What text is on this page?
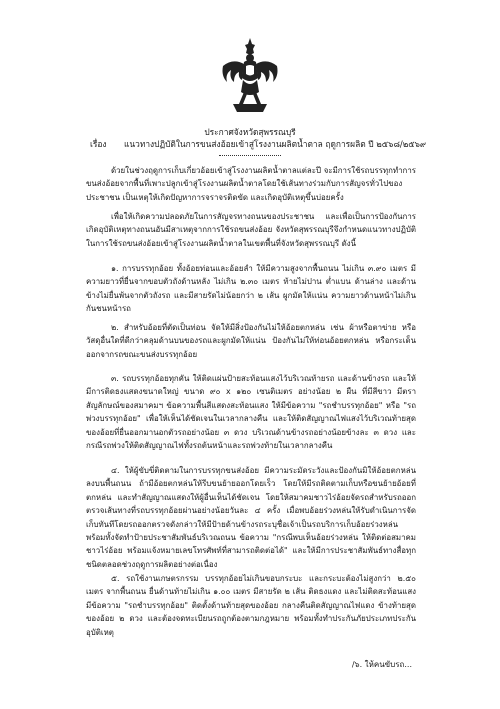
ประกาศจังหวัดสุพรรณบุรี
เรื่อง แนวทางปฏิบัติในการขนส่งอ้อยเข้าสู่โรงงานผลิตน้ำตาล ฤดูการผลิต ปี ๒๕๖๘/๒๕๖๙
ด้วยในช่วงฤดูการเก็บเกี่ยวอ้อยเข้าสู่โรงงานผลิตน้ำตาลแต่ละปี จะมีการใช้รถบรรทุกทำการขนส่งอ้อยจากพื้นที่เพาะปลูกเข้าสู่โรงงานผลิตน้ำตาลโดยใช้เส้นทางร่วมกับการสัญจรทั่วไปของประชาชน เป็นเหตุให้เกิดปัญหาการจราจรติดขัด และเกิดอุบัติเหตุขึ้นบ่อยครั้ง
เพื่อให้เกิดความปลอดภัยในการสัญจรทางถนนของประชาชน และเพื่อเป็นการป้องกันการเกิดอุบัติเหตุทางถนนอันมีสาเหตุจากการใช้รถขนส่งอ้อย จังหวัดสุพรรณบุรีจึงกำหนดแนวทางปฏิบัติในการใช้รถขนส่งอ้อยเข้าสู่โรงงานผลิตน้ำตาลในเขตพื้นที่จังหวัดสุพรรณบุรี ดังนี้
๑. การบรรทุกอ้อย ทั้งอ้อยท่อนและอ้อยลำ ให้มีความสูงจากพื้นถนน ไม่เกิน ๓.๙๐ เมตร มีความยาวที่ยื่นจากขอบตัวถังด้านหลัง ไม่เกิน ๒.๓๐ เมตร ท้ายไม่ปาน ต่ำแบน ด้านล่าง และด้านข้างไม่ยื่นพ้นจากตัวถังรถ และมีสายรัดไม่น้อยกว่า ๒ เส้น ผูกมัดให้แน่น ความยาวด้านหน้าไม่เกินกันชนหน้ารถ
๒. สำหรับอ้อยที่ตัดเป็นท่อน จัดให้มีสิ่งป้องกันไม่ให้อ้อยตกหล่น เช่น ผ้าหรือตาข่าย หรือวัสดุอื่นใดที่ดีกว่าคลุมด้านบนของรถและผูกมัดให้แน่น ป้องกันไม่ให้ท่อนอ้อยตกหล่น หรือกระเด็นออกจากรถขณะขนส่งบรรทุกอ้อย
๓. รถบรรทุกอ้อยทุกคัน ให้ติดแผ่นป้ายสะท้อนแสงไว้บริเวณท้ายรถ และด้านข้างรถ และให้มีการติดธงแสดงขนาดใหญ่ ขนาด ๙๐ x ๑๒๐ เซนติเมตร อย่างน้อย ๒ ผืน ที่มีสีขาว มีตราสัญลักษณ์ของสมาคมฯ ข้อความพื้นสีแสดงสะท้อนแสง ให้มีข้อความ "รถชำบรรทุกอ้อย" หรือ "รถพ่วงบรรทุกอ้อย" เพื่อให้เห็นได้ชัดเจนในเวลากลางคืน และให้ติดสัญญาณไฟแสงไว้บริเวณท้ายสุดของอ้อยที่ยื่นออกมานอกตัวรถอย่างน้อย ๓ ดวง บริเวณด้านข้างรถอย่างน้อยข้างละ ๓ ดวง และกรณีรถพ่วงให้ติดสัญญาณไฟทั้งรถต้นหน้าและรถพ่วงท้ายในเวลากลางคืน
๔. ให้ผู้ขับขี่ติดตามในการบรรทุกขนส่งอ้อย มีความระมัดระวังและป้องกันมิให้อ้อยตกหล่นลงบนพื้นถนน ถ้ามีอ้อยตกหล่นให้รีบขนย้ายออกโดยเร็ว โดยให้มีรถติดตามเก็บหรือขนย้ายอ้อยที่ตกหล่น และทำสัญญาณแสดงให้ผู้อื่นเห็นได้ชัดเจน โดยให้สมาคมชาวไร่อ้อยจัดรถสำหรับรถออกตรวจเส้นทางที่รถบรรทุกอ้อยผ่านอย่างน้อยวันละ ๔ ครั้ง เมื่อพบอ้อยร่วงหล่นให้รับดำเนินการจัดเก็บทันทีโดยรถออกตรวจดังกล่าวให้มีป้ายด้านข้างรถระบุชื่อเจ้าเป็นรถบริการเก็บอ้อยร่วงหล่น พร้อมทั้งจัดทำป้ายประชาสัมพันธ์บริเวณถนน ข้อความ "กรณีพบเห็นอ้อยร่วงหล่น ให้ติดต่อสมาคมชาวไร่อ้อย พร้อมแจ้งหมายเลขโทรศัพท์ที่สามารถติดต่อได้" และให้มีการประชาสัมพันธ์ทางสื่อทุกชนิดตลอดช่วงฤดูการผลิตอย่างต่อเนื่อง
๕. รถใช้งานเกษตรกรรม บรรทุกอ้อยไม่เกินขอบกระบะ และกระบะต้องไม่สูงกว่า ๒.๕๐ เมตร จากพื้นถนน ยื่นด้านท้ายไม่เกิน ๑.๐๐ เมตร มีสายรัด ๒ เส้น ติดธงแดง และไม่ติดสะท้อนแสง มีข้อความ "รถชำบรรทุกอ้อย" ติดตั้งด้านท้ายสุดของอ้อย กลางคืนติดสัญญาณไฟแดง ข้างท้ายสุดของอ้อย ๒ ดวง และต้องจดทะเบียนรถถูกต้องตามกฎหมาย พร้อมทั้งทำประกันภัยประเภทประกันอุบัติเหตุ
/๖. ให้คนขับรถ...
